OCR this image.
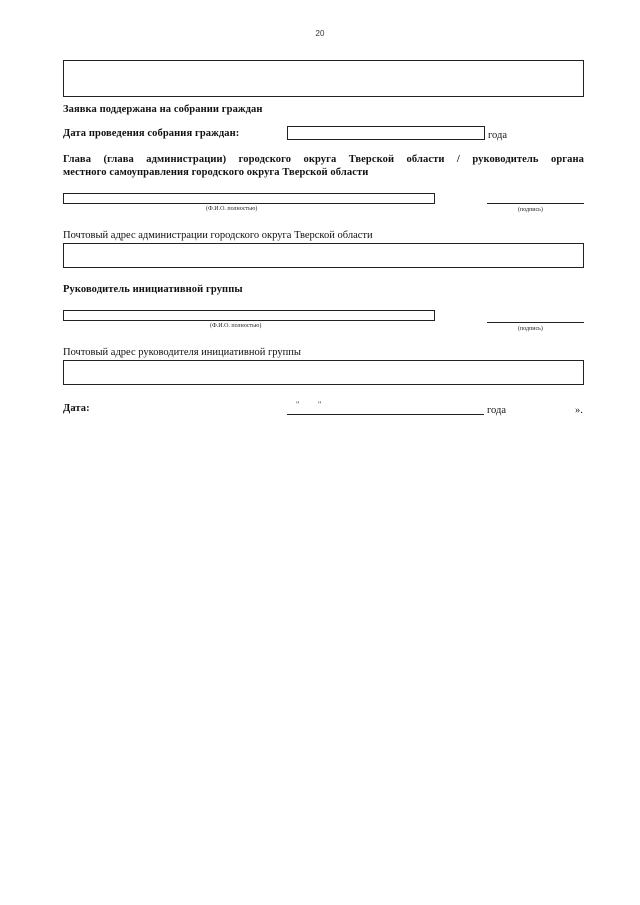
20
Заявка поддержана на собрании граждан
Дата проведения собрания граждан:	года
Глава (глава администрации) городского округа Тверской области / руководитель органа
местного самоуправления городского округа Тверской области
(Ф.И.О. полностью)	(подпись)
Почтовый адрес администрации городского округа Тверской области
Руководитель инициативной группы
(Ф.И.О. полностью)	(подпись)
Почтовый адрес руководителя инициативной группы
Дата:	" "
года	».
